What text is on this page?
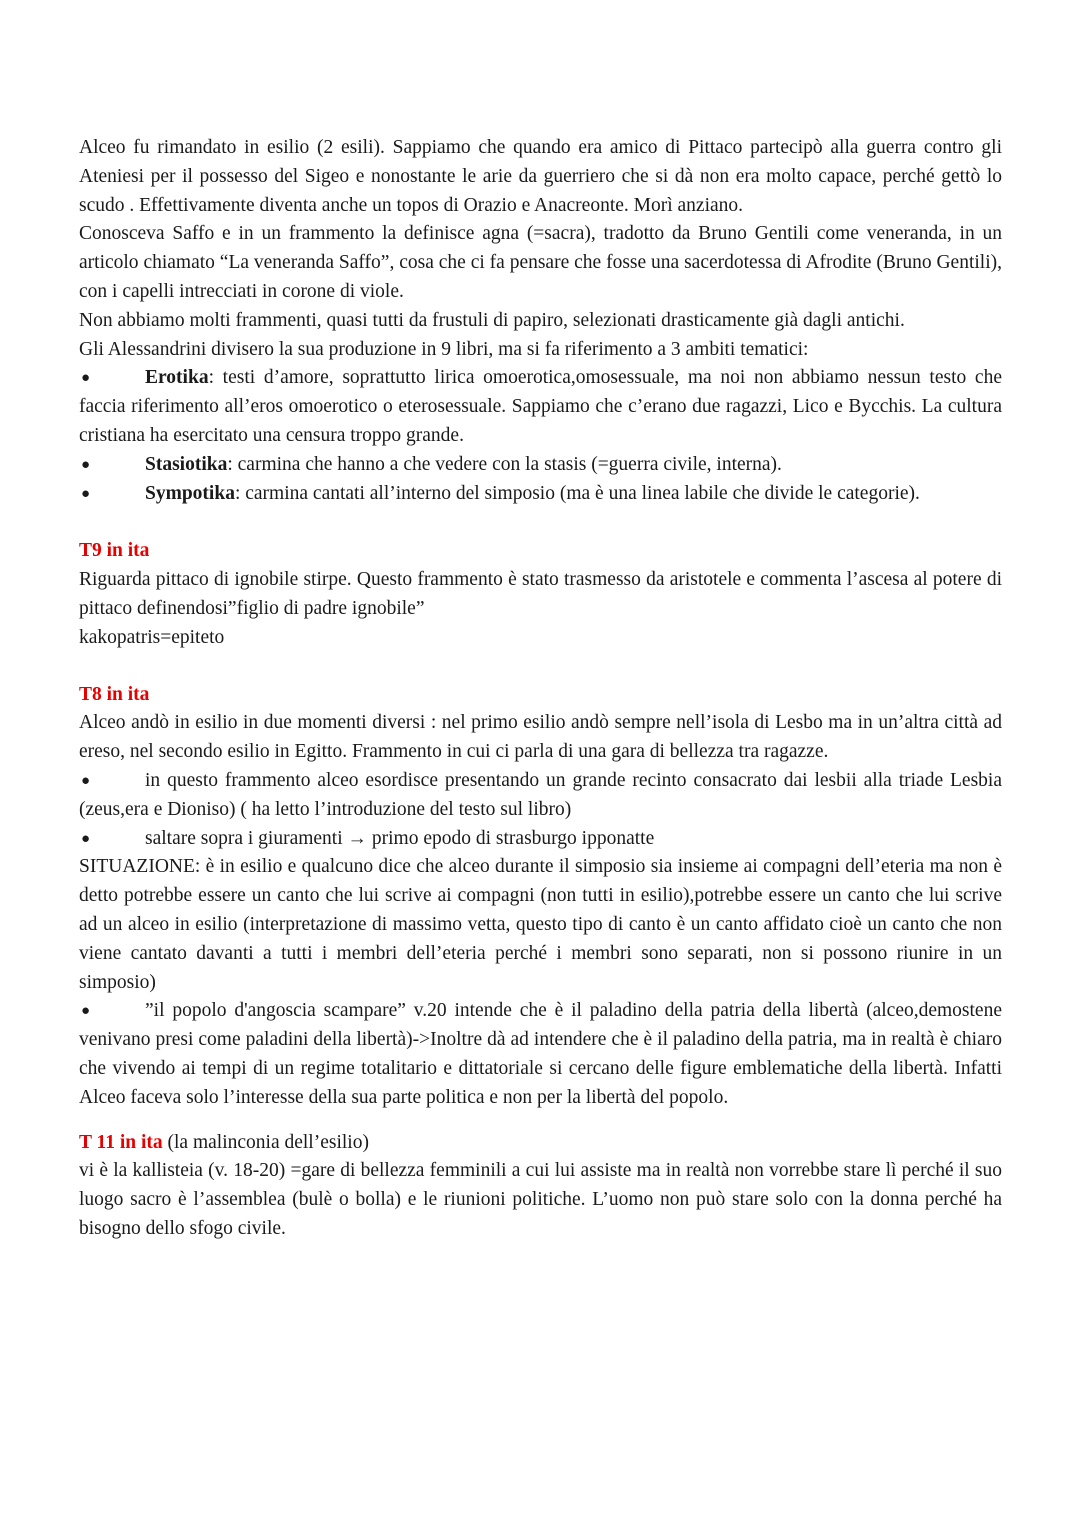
Alceo fu rimandato in esilio (2 esili). Sappiamo che quando era amico di Pittaco partecipò alla guerra contro gli Ateniesi per il possesso del Sigeo e nonostante le arie da guerriero che si dà non era molto capace, perché gettò lo scudo . Effettivamente diventa anche un topos di Orazio e Anacreonte. Morì anziano.

Conosceva Saffo e in un frammento la definisce agna (=sacra), tradotto da Bruno Gentili come veneranda, in un articolo chiamato “La veneranda Saffo”, cosa che ci fa pensare che fosse una sacerdotessa di Afrodite (Bruno Gentili), con i capelli intrecciati in corone di viole.

Non abbiamo molti frammenti, quasi tutti da frustuli di papiro, selezionati drasticamente già dagli antichi.

Gli Alessandrini divisero la sua produzione in 9 libri, ma si fa riferimento a 3 ambiti tematici:

●	Erotika: testi d’amore, soprattutto lirica omoerotica,omosessuale, ma noi non abbiamo nessun testo che faccia riferimento all’eros omoerotico o eterosessuale. Sappiamo che c’erano due ragazzi, Lico e Bycchis. La cultura cristiana ha esercitato una censura troppo grande.

●	Stasiotika: carmina che hanno a che vedere con la stasis (=guerra civile, interna).

●	Sympotika: carmina cantati all’interno del simposio (ma è una linea labile che divide le categorie).

T9 in ita

Riguarda pittaco di ignobile stirpe. Questo frammento è stato trasmesso da aristotele e commenta l’ascesa al potere di pittaco definendosi”figlio di padre ignobile”

kakopatris=epiteto

T8 in ita

Alceo andò in esilio in due momenti diversi : nel primo esilio andò sempre nell’isola di Lesbo ma in un’altra città ad ereso, nel secondo esilio in Egitto. Frammento in cui ci parla di una gara di bellezza tra ragazze.

●	in questo frammento alceo esordisce presentando un grande recinto consacrato dai lesbii alla triade Lesbia (zeus,era e Dioniso) ( ha letto l’introduzione del testo sul libro)

●	saltare sopra i giuramenti → primo epodo di strasburgo ipponatte

SITUAZIONE: è in esilio e qualcuno dice che alceo durante il simposio sia insieme ai compagni dell’eteria ma non è detto potrebbe essere un canto che lui scrive ai compagni (non tutti in esilio),potrebbe essere un canto che lui scrive ad un alceo in esilio (interpretazione di massimo vetta, questo tipo di canto è un canto affidato cioè un canto che non viene cantato davanti a tutti i membri dell’eteria perché i membri sono separati, non si possono riunire in un simposio)

●	”il popolo d'angoscia scampare” v.20 intende che è il paladino della patria della libertà (alceo,demostene venivano presi come paladini della libertà)->Inoltre dà ad intendere che è il paladino della patria, ma in realtà è chiaro che vivendo ai tempi di un regime totalitario e dittatoriale si cercano delle figure emblematiche della libertà. Infatti Alceo faceva solo l’interesse della sua parte politica e non per la libertà del popolo.

T 11 in ita (la malinconia dell’esilio)

vi è la kallisteia (v. 18-20) =gare di bellezza femminili a cui lui assiste ma in realtà non vorrebbe stare lì perché il suo luogo sacro è l’assemblea (bulè o bolla) e le riunioni politiche. L’uomo non può stare solo con la donna perché ha bisogno dello sfogo civile.
